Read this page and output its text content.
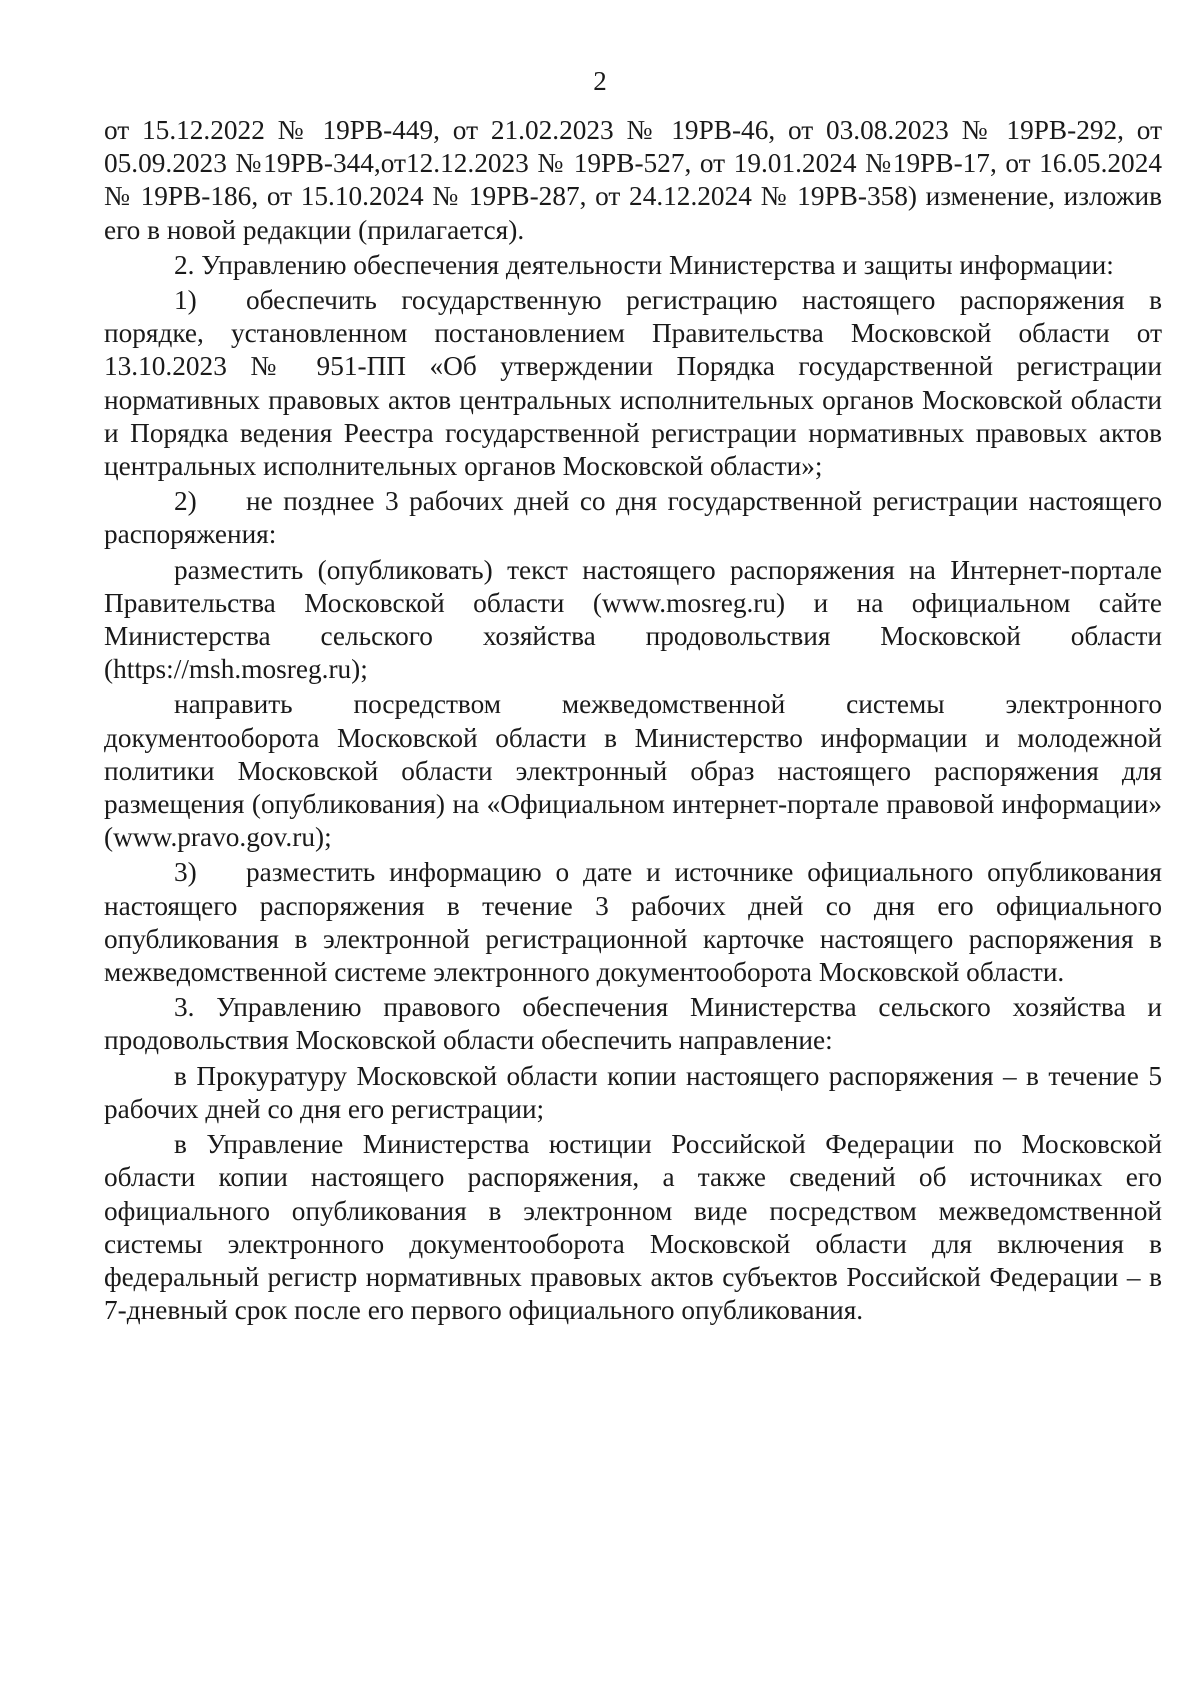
2

от 15.12.2022 № 19РВ-449, от 21.02.2023 № 19РВ-46, от 03.08.2023 № 19РВ-292, от 05.09.2023 №19РВ-344,от12.12.2023 № 19РВ-527, от 19.01.2024 №19РВ-17, от 16.05.2024 № 19РВ-186, от 15.10.2024 № 19РВ-287, от 24.12.2024 № 19РВ-358) изменение, изложив его в новой редакции (прилагается).

2. Управлению обеспечения деятельности Министерства и защиты информации:

1) обеспечить государственную регистрацию настоящего распоряжения в порядке, установленном постановлением Правительства Московской области от 13.10.2023 № 951-ПП «Об утверждении Порядка государственной регистрации нормативных правовых актов центральных исполнительных органов Московской области и Порядка ведения Реестра государственной регистрации нормативных правовых актов центральных исполнительных органов Московской области»;

2) не позднее 3 рабочих дней со дня государственной регистрации настоящего распоряжения:

разместить (опубликовать) текст настоящего распоряжения на Интернет-портале Правительства Московской области (www.mosreg.ru) и на официальном сайте Министерства сельского хозяйства продовольствия Московской области (https://msh.mosreg.ru);

направить посредством межведомственной системы электронного документооборота Московской области в Министерство информации и молодежной политики Московской области электронный образ настоящего распоряжения для размещения (опубликования) на «Официальном интернет-портале правовой информации» (www.pravo.gov.ru);

3) разместить информацию о дате и источнике официального опубликования настоящего распоряжения в течение 3 рабочих дней со дня его официального опубликования в электронной регистрационной карточке настоящего распоряжения в межведомственной системе электронного документооборота Московской области.

3. Управлению правового обеспечения Министерства сельского хозяйства и продовольствия Московской области обеспечить направление:

в Прокуратуру Московской области копии настоящего распоряжения – в течение 5 рабочих дней со дня его регистрации;

в Управление Министерства юстиции Российской Федерации по Московской области копии настоящего распоряжения, а также сведений об источниках его официального опубликования в электронном виде посредством межведомственной системы электронного документооборота Московской области для включения в федеральный регистр нормативных правовых актов субъектов Российской Федерации – в 7-дневный срок после его первого официального опубликования.
